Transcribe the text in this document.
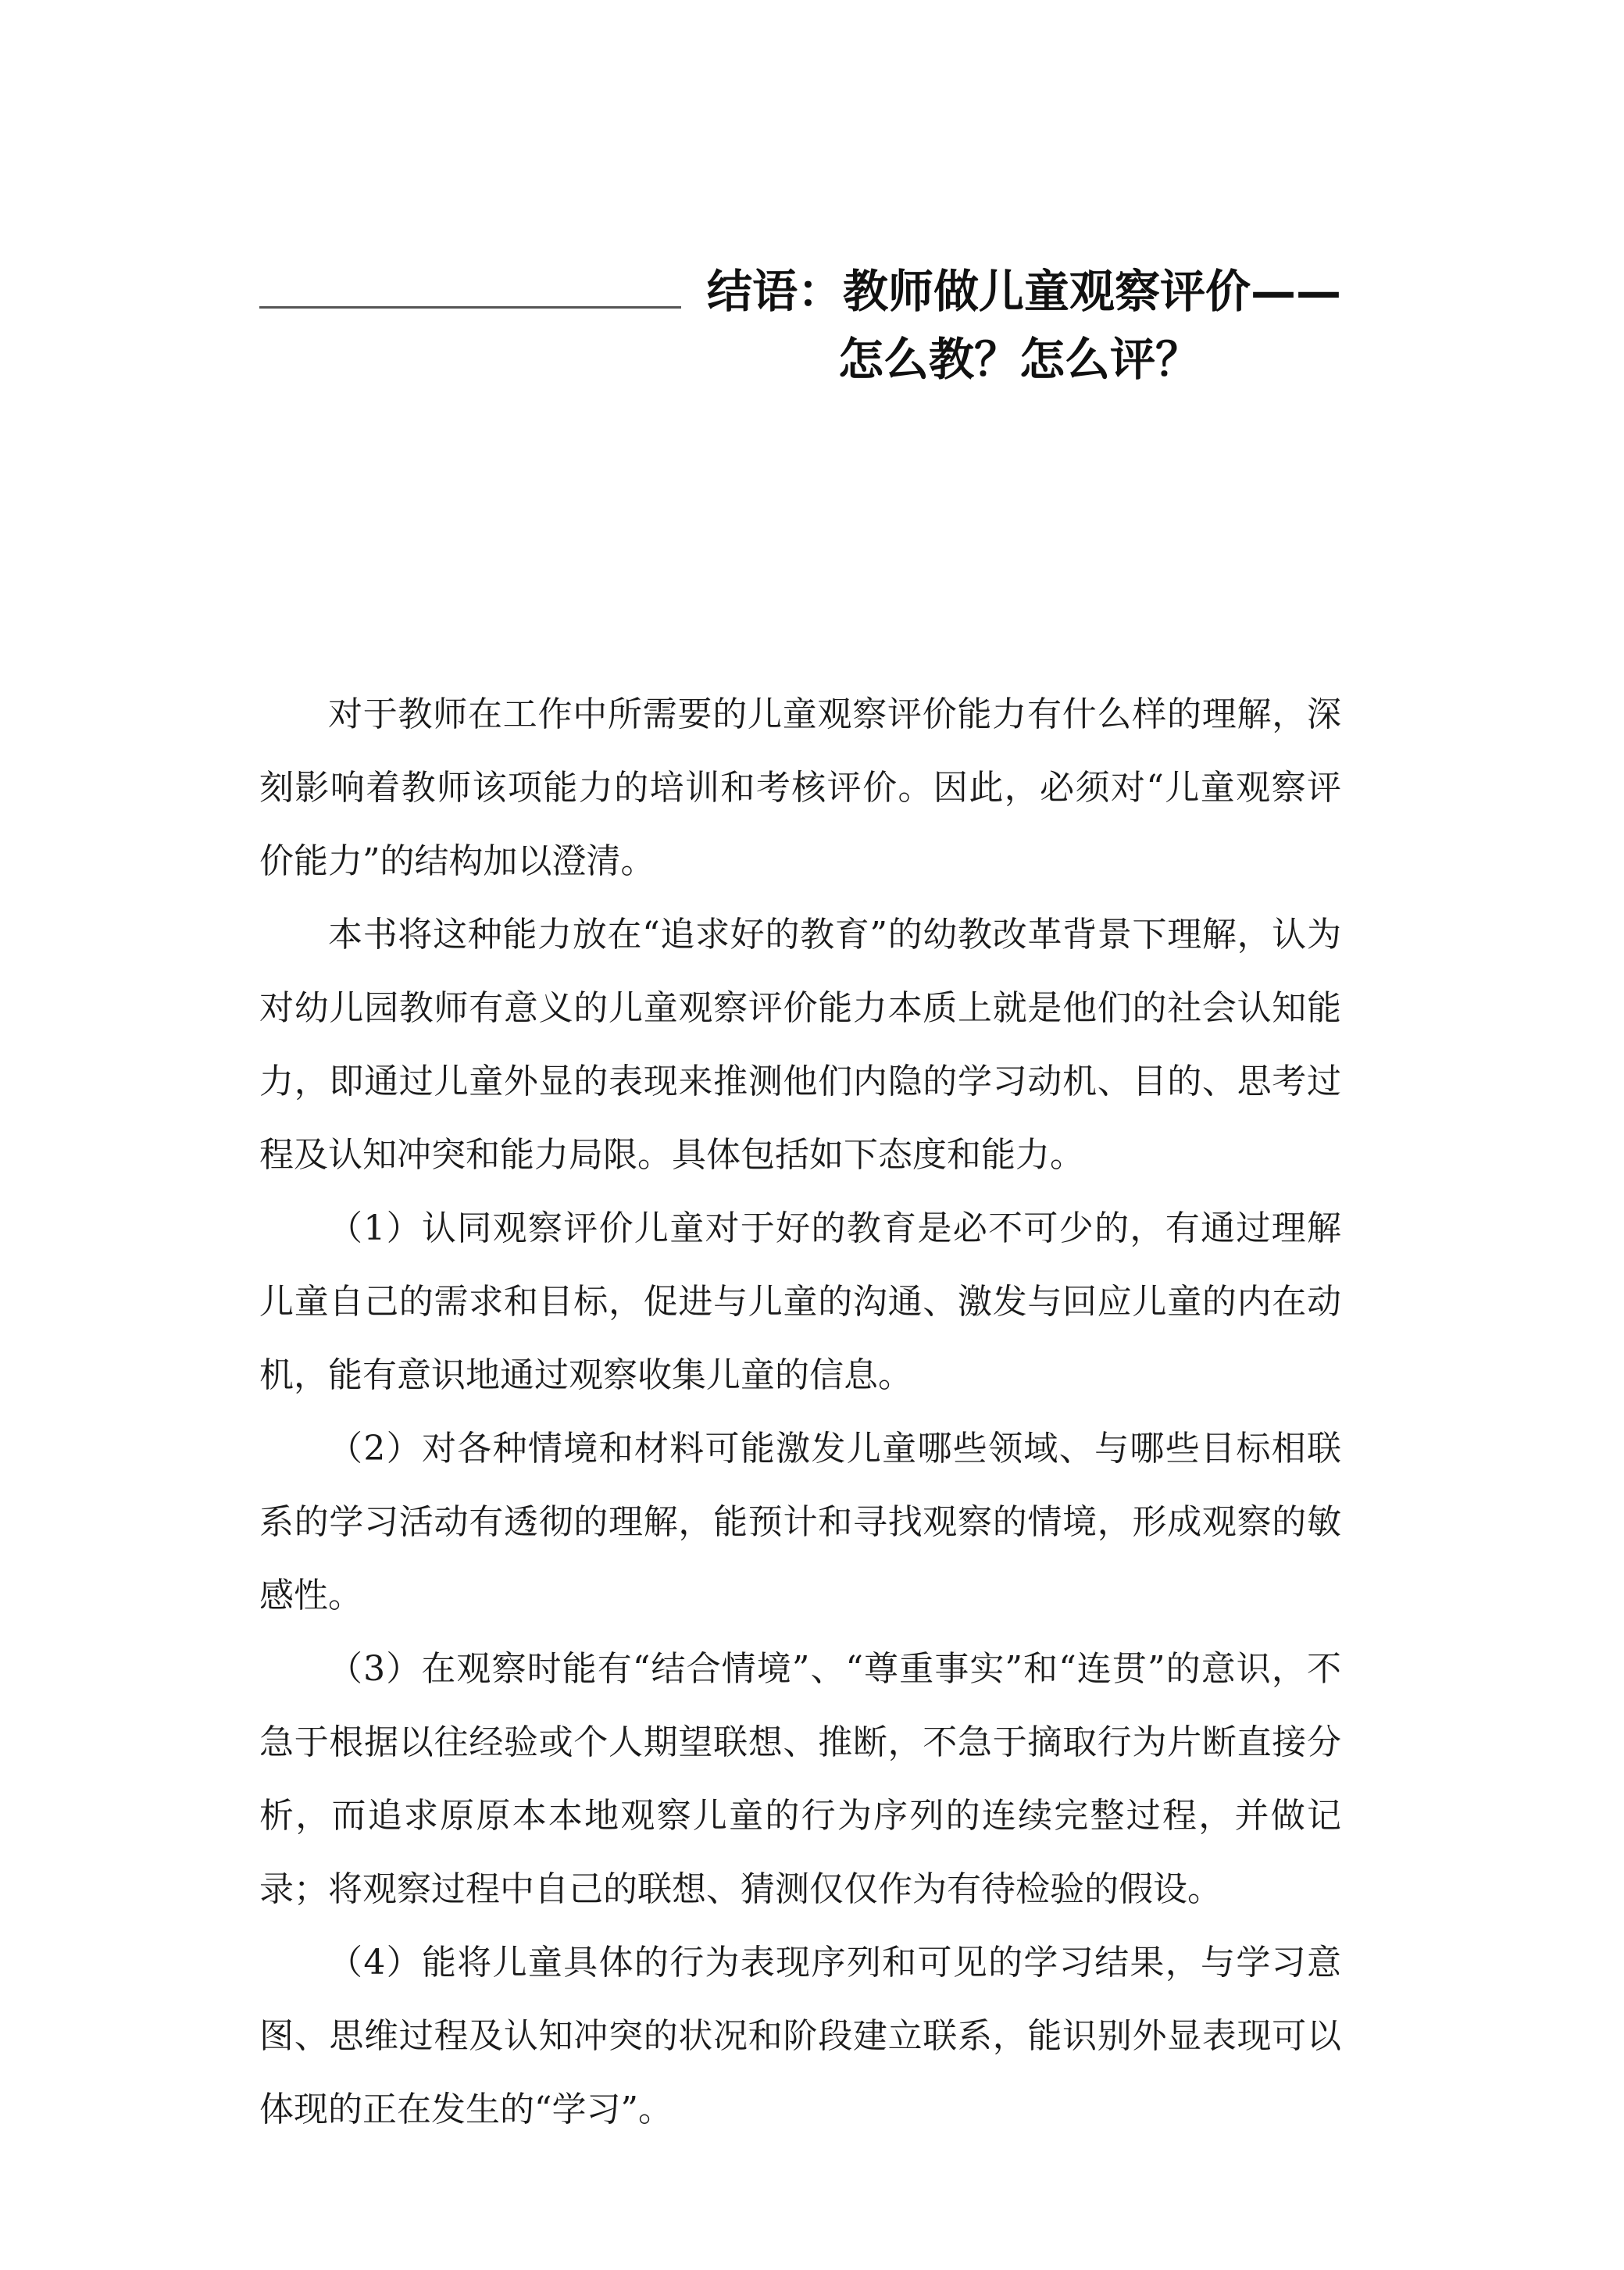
结语：教师做儿童观察评价——
怎么教？怎么评？

对于教师在工作中所需要的儿童观察评价能力有什么样的理解，深刻影响着教师该项能力的培训和考核评价。因此，必须对“儿童观察评价能力”的结构加以澄清。

本书将这种能力放在“追求好的教育”的幼教改革背景下理解，认为对幼儿园教师有意义的儿童观察评价能力本质上就是他们的社会认知能力，即通过儿童外显的表现来推测他们内隐的学习动机、目的、思考过程及认知冲突和能力局限。具体包括如下态度和能力。

（1）认同观察评价儿童对于好的教育是必不可少的，有通过理解儿童自己的需求和目标，促进与儿童的沟通、激发与回应儿童的内在动机，能有意识地通过观察收集儿童的信息。

（2）对各种情境和材料可能激发儿童哪些领域、与哪些目标相联系的学习活动有透彻的理解，能预计和寻找观察的情境，形成观察的敏感性。

（3）在观察时能有“结合情境”、“尊重事实”和“连贯”的意识，不急于根据以往经验或个人期望联想、推断，不急于摘取行为片断直接分析，而追求原原本本地观察儿童的行为序列的连续完整过程，并做记录；将观察过程中自己的联想、猜测仅仅作为有待检验的假设。

（4）能将儿童具体的行为表现序列和可见的学习结果，与学习意图、思维过程及认知冲突的状况和阶段建立联系，能识别外显表现可以体现的正在发生的“学习”。
